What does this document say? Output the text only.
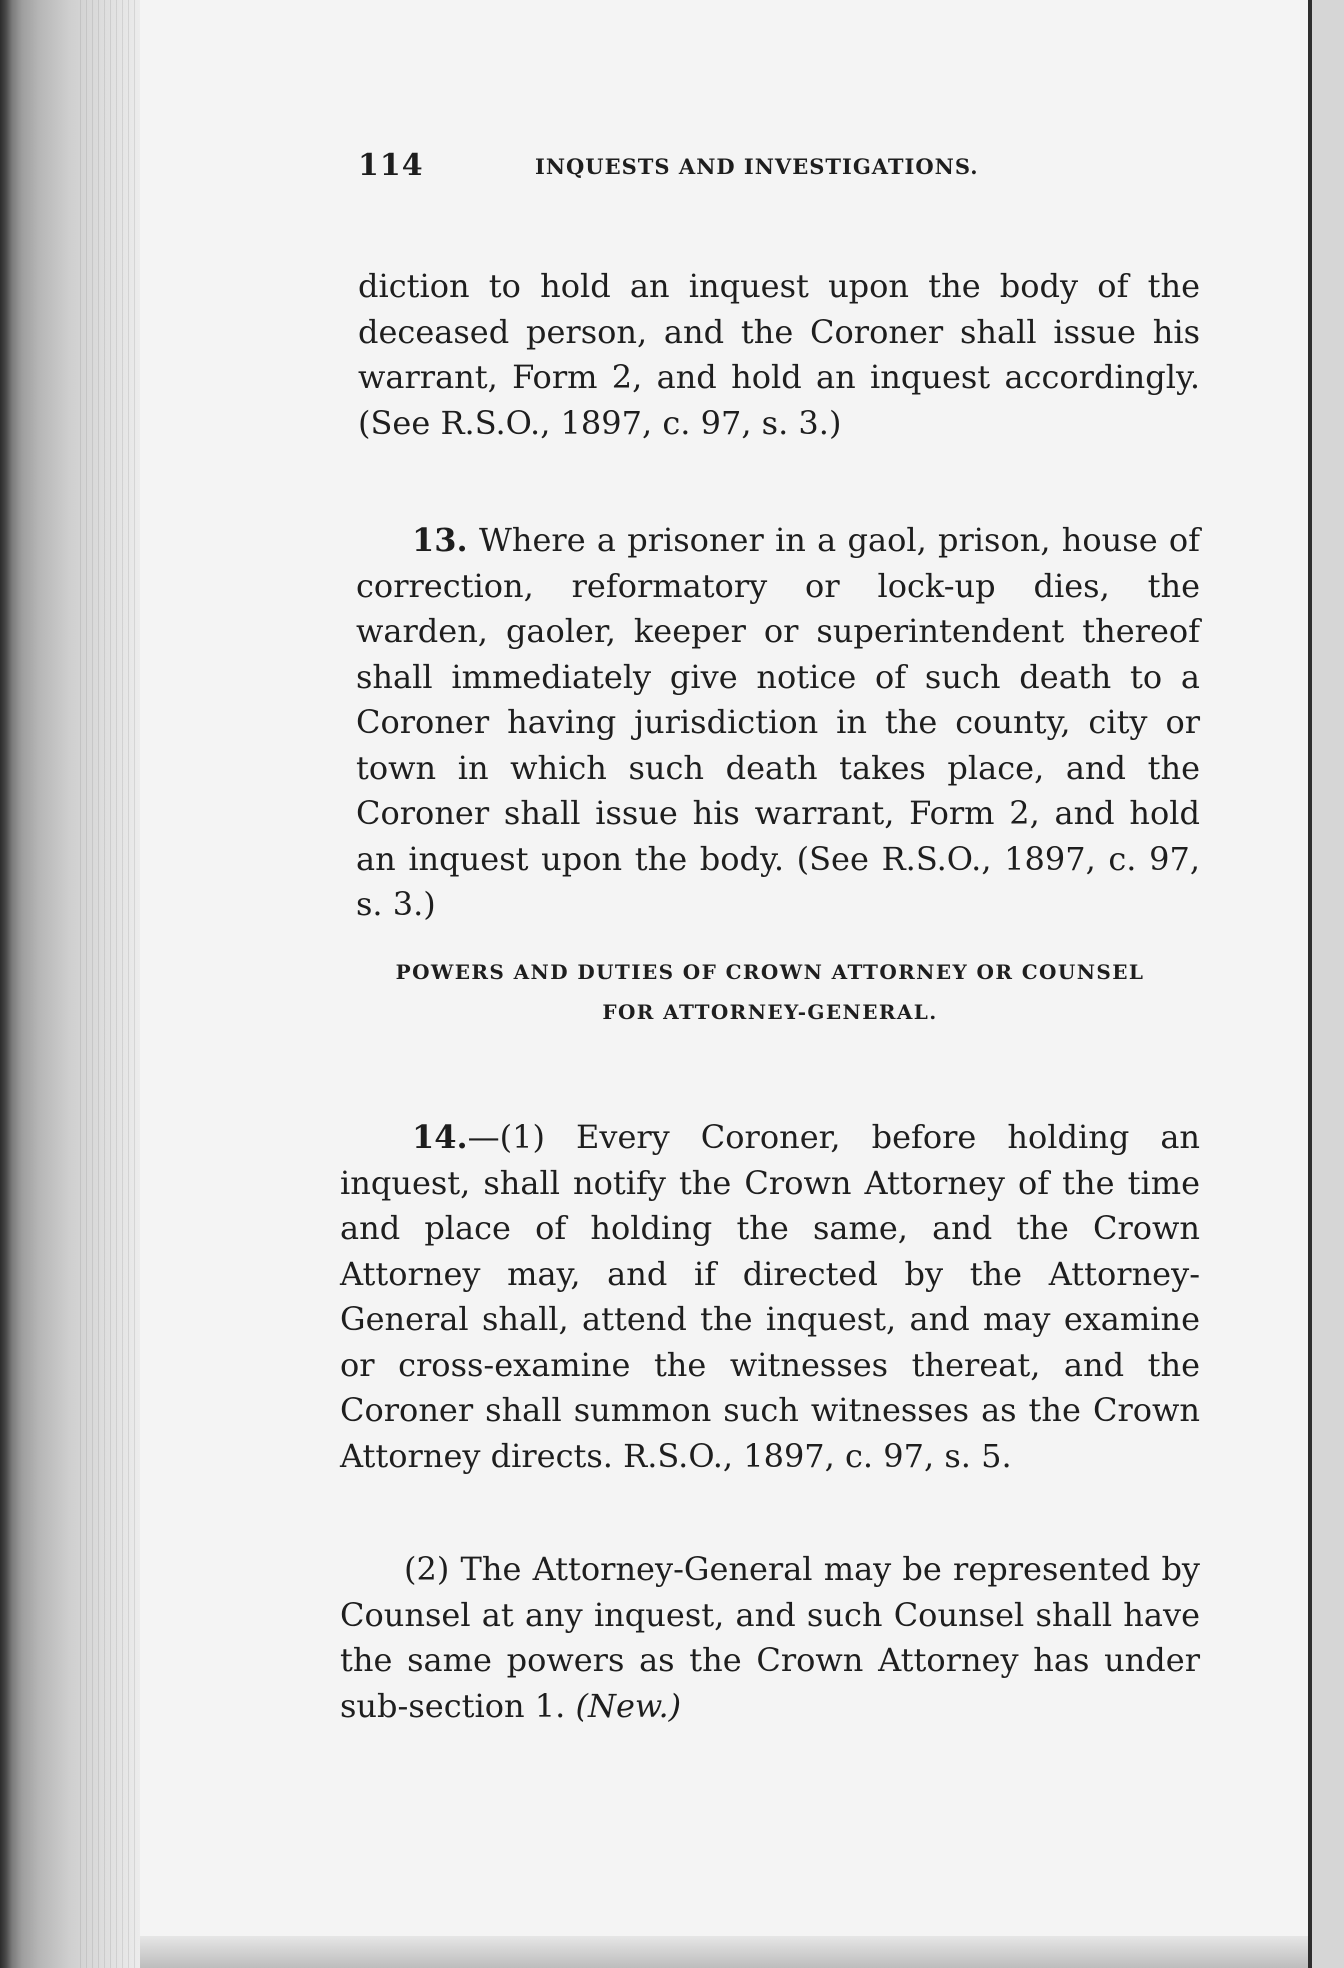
114	INQUESTS AND INVESTIGATIONS.

diction to hold an inquest upon the body of the deceased person, and the Coroner shall issue his warrant, Form 2, and hold an inquest accordingly. (See R.S.O., 1897, c. 97, s. 3.)

13. Where a prisoner in a gaol, prison, house of correction, reformatory or lock-up dies, the warden, gaoler, keeper or superintendent thereof shall immediately give notice of such death to a Coroner having jurisdiction in the county, city or town in which such death takes place, and the Coroner shall issue his warrant, Form 2, and hold an inquest upon the body. (See R.S.O., 1897, c. 97, s. 3.)

POWERS AND DUTIES OF CROWN ATTORNEY OR COUNSEL
FOR ATTORNEY-GENERAL.

14.—(1) Every Coroner, before holding an inquest, shall notify the Crown Attorney of the time and place of holding the same, and the Crown Attorney may, and if directed by the Attorney-General shall, attend the inquest, and may examine or cross-examine the witnesses thereat, and the Coroner shall summon such witnesses as the Crown Attorney directs. R.S.O., 1897, c. 97, s. 5.

(2) The Attorney-General may be represented by Counsel at any inquest, and such Counsel shall have the same powers as the Crown Attorney has under sub-section 1. (New.)
